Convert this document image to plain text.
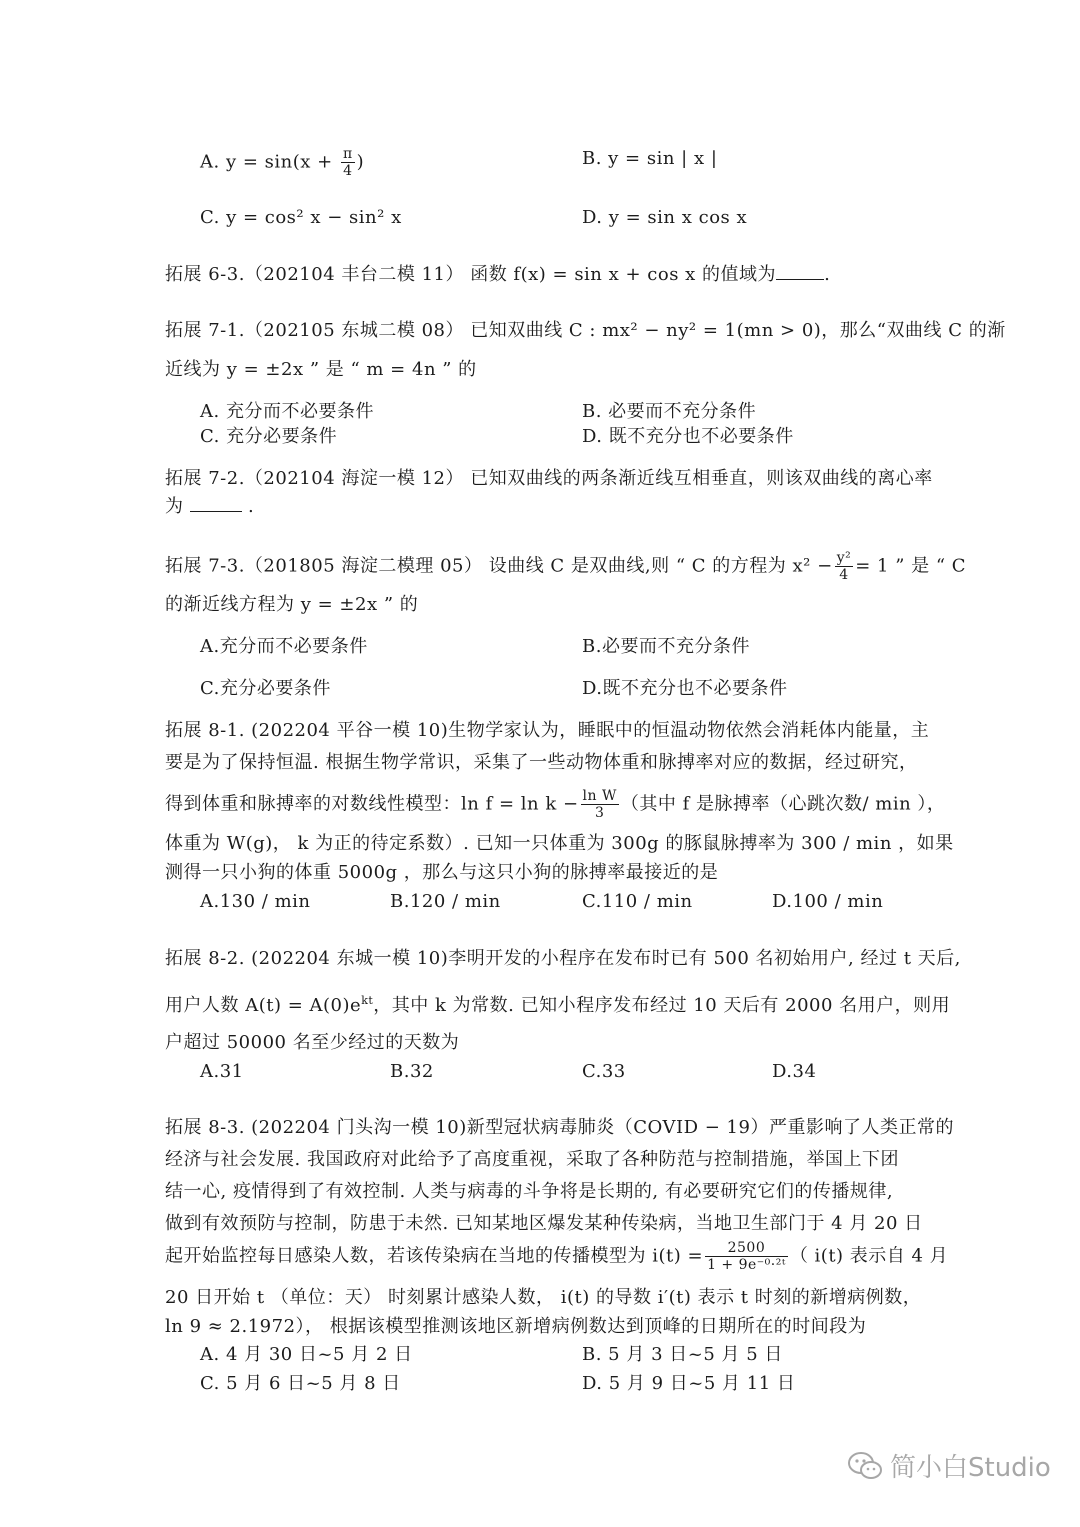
A. $y = \sin(x + \frac{\pi}{4}$ )	B. y = sin | x |
C. y = cos² x − sin² x	D. y = sin x cos x
拓展 6-3.（202104 丰台二模 11） 函数 f(x) = sin x + cos x 的值域为	.
拓展 7-1.（202105 东城二模 08） 已知双曲线 C : mx² − ny² = 1(mn > 0)，那么“双曲线 C 的渐
近线为 y = ±2x ” 是 “ m = 4n ” 的
A. 充分而不必要条件	B. 必要而不充分条件
C. 充分必要条件	D. 既不充分也不必要条件
拓展 7-2.（202104 海淀一模 12） 已知双曲线的两条渐近线互相垂直，则该双曲线的离心率
为	.
拓展 7-3.（201805 海淀二模理 05） 设曲线 C 是双曲线,则 “ C 的方程为 $x^2 - \frac{\text{y²}}{4} = 1$ ” 是 “ C
的渐近线方程为 y = ±2x ” 的
A.充分而不必要条件	B.必要而不充分条件
C.充分必要条件	D.既不充分也不必要条件
拓展 8-1. (202204 平谷一模 10)生物学家认为，睡眠中的恒温动物依然会消耗体内能量，主
要是为了保持恒温. 根据生物学常识，采集了一些动物体重和脉搏率对应的数据，经过研究，
得到体重和脉搏率的对数线性模型：$\ln f = \ln k - \frac{\text{ln W}}{3}$ （其中 f 是脉搏率（心跳次数/ min ），
体重为 W(g)， k 为正的待定系数）. 已知一只体重为 300g 的豚鼠脉搏率为 300 / min ，如果
测得一只小狗的体重 5000g ，那么与这只小狗的脉搏率最接近的是
A.130 / min	B.120 / min	C.110 / min	D.100 / min
拓展 8-2. (202204 东城一模 10)李明开发的小程序在发布时已有 500 名初始用户, 经过 t 天后,
用户人数 $A(t) = A(0)e^{kt}$，其中 k 为常数. 已知小程序发布经过 10 天后有 2000 名用户，则用
户超过 50000 名至少经过的天数为
A.31	B.32	C.33	D.34
拓展 8-3. (202204 门头沟一模 10)新型冠状病毒肺炎（COVID − 19）严重影响了人类正常的
经济与社会发展. 我国政府对此给予了高度重视，采取了各种防范与控制措施，举国上下团
结一心, 疫情得到了有效控制. 人类与病毒的斗争将是长期的, 有必要研究它们的传播规律,
做到有效预防与控制，防患于未然. 已知某地区爆发某种传染病，当地卫生部门于 4 月 20 日
起开始监控每日感染人数，若该传染病在当地的传播模型为 $i(t) = \frac{2500}{\text{1 + 9e⁻⁰·²ᵗ}}$ （ i(t) 表示自 4 月
20 日开始 t （单位：天） 时刻累计感染人数， i(t) 的导数 i′(t) 表示 t 时刻的新增病例数，
ln 9 ≈ 2.1972）， 根据该模型推测该地区新增病例数达到顶峰的日期所在的时间段为
A. 4 月 30 日~5 月 2 日	B. 5 月 3 日~5 月 5 日
C. 5 月 6 日~5 月 8 日	D. 5 月 9 日~5 月 11 日
简小白Studio
